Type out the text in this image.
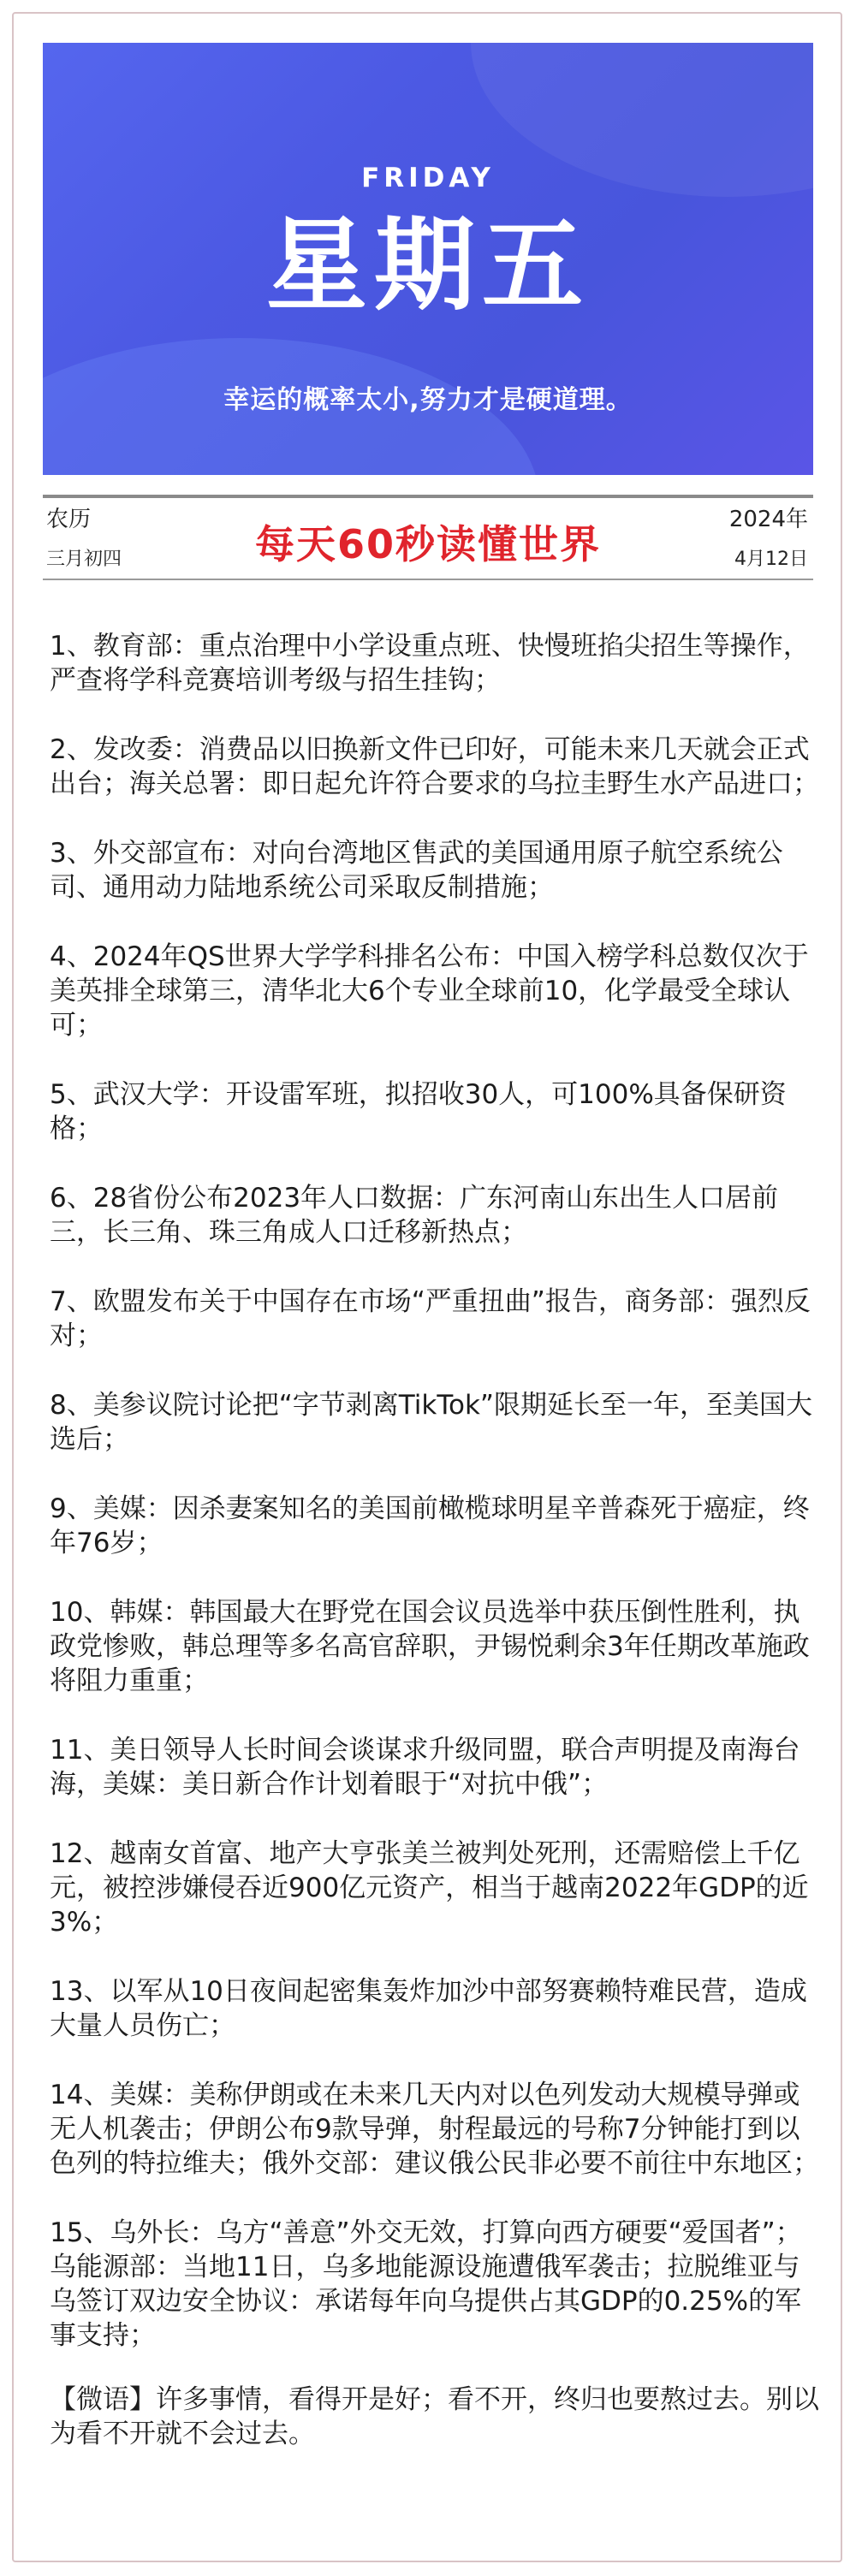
FRIDAY
星期五
幸运的概率太小,努力才是硬道理。
农历
三月初四	每天60秒读懂世界
2024年
4月12日
1、教育部：重点治理中小学设重点班、快慢班掐尖招生等操作，严查将学科竞赛培训考级与招生挂钩；
2、发改委：消费品以旧换新文件已印好，可能未来几天就会正式出台；海关总署：即日起允许符合要求的乌拉圭野生水产品进口；
3、外交部宣布：对向台湾地区售武的美国通用原子航空系统公司、通用动力陆地系统公司采取反制措施；
4、2024年QS世界大学学科排名公布：中国入榜学科总数仅次于美英排全球第三，清华北大6个专业全球前10，化学最受全球认可；
5、武汉大学：开设雷军班，拟招收30人，可100%具备保研资格；
6、28省份公布2023年人口数据：广东河南山东出生人口居前三，长三角、珠三角成人口迁移新热点；
7、欧盟发布关于中国存在市场“严重扭曲”报告，商务部：强烈反对；
8、美参议院讨论把“字节剥离TikTok”限期延长至一年，至美国大选后；
9、美媒：因杀妻案知名的美国前橄榄球明星辛普森死于癌症，终年76岁；
10、韩媒：韩国最大在野党在国会议员选举中获压倒性胜利，执政党惨败，韩总理等多名高官辞职，尹锡悦剩余3年任期改革施政将阻力重重；
11、美日领导人长时间会谈谋求升级同盟，联合声明提及南海台海，美媒：美日新合作计划着眼于“对抗中俄”；
12、越南女首富、地产大亨张美兰被判处死刑，还需赔偿上千亿元，被控涉嫌侵吞近900亿元资产，相当于越南2022年GDP的近3%；
13、以军从10日夜间起密集轰炸加沙中部努赛赖特难民营，造成大量人员伤亡；
14、美媒：美称伊朗或在未来几天内对以色列发动大规模导弹或无人机袭击；伊朗公布9款导弹，射程最远的号称7分钟能打到以色列的特拉维夫；俄外交部：建议俄公民非必要不前往中东地区；
15、乌外长：乌方“善意”外交无效，打算向西方硬要“爱国者”；乌能源部：当地11日，乌多地能源设施遭俄军袭击；拉脱维亚与乌签订双边安全协议：承诺每年向乌提供占其GDP的0.25%的军事支持；
【微语】许多事情，看得开是好；看不开，终归也要熬过去。别以为看不开就不会过去。
